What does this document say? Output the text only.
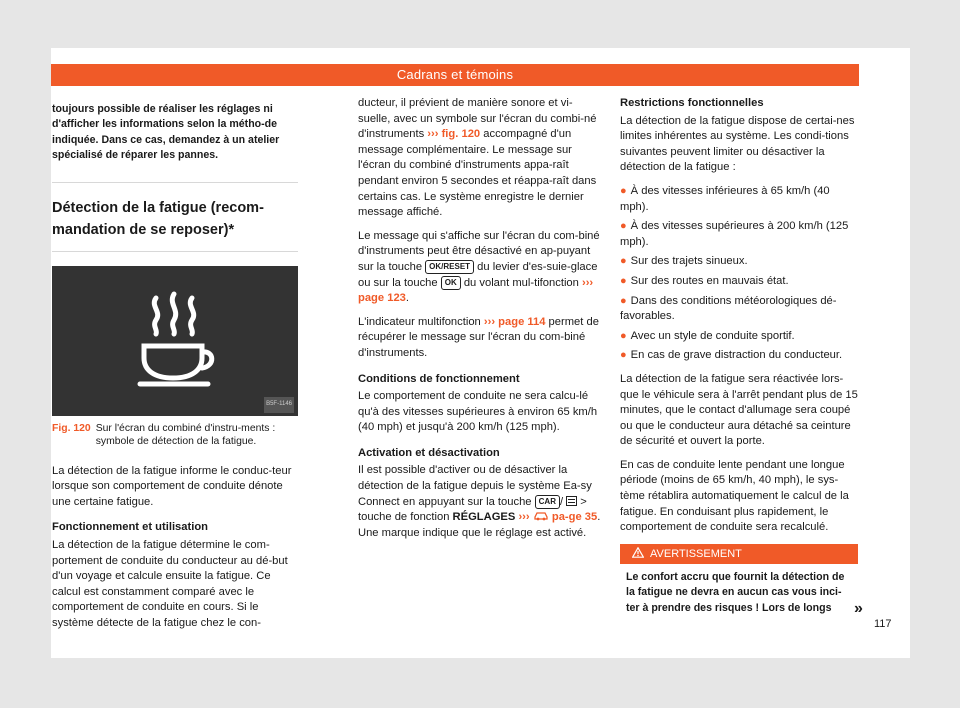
Cadrans et témoins

toujours possible de réaliser les réglages ni d'afficher les informations selon la métho-de indiquée. Dans ce cas, demandez à un atelier spécialisé de réparer les pannes.

Détection de la fatigue (recom-mandation de se reposer)*
B5F-1146
Fig. 120 Sur l'écran du combiné d'instru-ments : symbole de détection de la fatigue.

La détection de la fatigue informe le conduc-teur lorsque son comportement de conduite dénote une certaine fatigue.

Fonctionnement et utilisation

La détection de la fatigue détermine le com-portement de conduite du conducteur au dé-but d'un voyage et calcule ensuite la fatigue. Ce calcul est constamment comparé avec le comportement de conduite en cours. Si le système détecte de la fatigue chez le con-

ducteur, il prévient de manière sonore et vi-suelle, avec un symbole sur l'écran du combi-né d'instruments ››› fig. 120 accompagné d'un message complémentaire. Le message sur l'écran du combiné d'instruments appa-raît pendant environ 5 secondes et réappa-raît dans certains cas. Le système enregistre le dernier message affiché.

Le message qui s'affiche sur l'écran du com-biné d'instruments peut être désactivé en ap-puyant sur la touche OK/RESET du levier d'es-suie-glace ou sur la touche OK du volant mul-tifonction ››› page 123.

L'indicateur multifonction ››› page 114 permet de récupérer le message sur l'écran du com-biné d'instruments.

Conditions de fonctionnement

Le comportement de conduite ne sera calcu-lé qu'à des vitesses supérieures à environ 65 km/h (40 mph) et jusqu'à 200 km/h (125 mph).

Activation et désactivation

Il est possible d'activer ou de désactiver la détection de la fatigue depuis le système Ea-sy Connect en appuyant sur la touche CAR /  > touche de fonction RÉGLAGES ›››  pa-ge 35. Une marque indique que le réglage est activé.

Restrictions fonctionnelles

La détection de la fatigue dispose de certai-nes limites inhérentes au système. Les condi-tions suivantes peuvent limiter ou désactiver la détection de la fatigue :

● À des vitesses inférieures à 65 km/h (40 mph).
● À des vitesses supérieures à 200 km/h (125 mph).
● Sur des trajets sinueux.
● Sur des routes en mauvais état.
● Dans des conditions météorologiques dé-favorables.
● Avec un style de conduite sportif.
● En cas de grave distraction du conducteur.

La détection de la fatigue sera réactivée lors-que le véhicule sera à l'arrêt pendant plus de 15 minutes, que le contact d'allumage sera coupé ou que le conducteur aura détaché sa ceinture de sécurité et ouvert la porte.

En cas de conduite lente pendant une longue période (moins de 65 km/h, 40 mph), le sys-tème rétablira automatiquement le calcul de la fatigue. En conduisant plus rapidement, le comportement de conduite sera recalculé.

AVERTISSEMENT
Le confort accru que fournit la détection de la fatigue ne devra en aucun cas vous inci-ter à prendre des risques ! Lors de longs	»
117
